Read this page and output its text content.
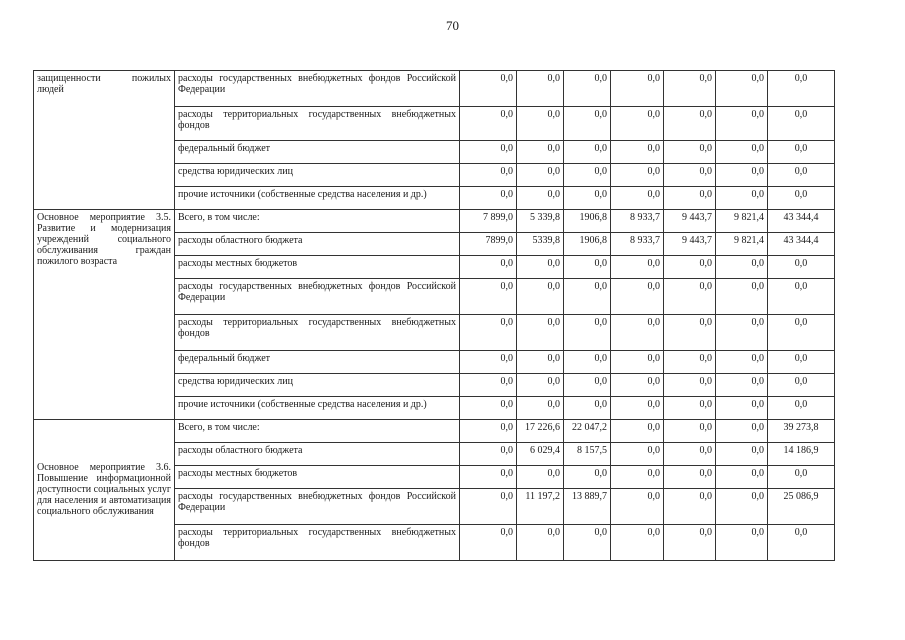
70
защищенности пожилых людей	расходы государственных внебюджетных фондов Российской Федерации	0,0	0,0	0,0	0,0	0,0	0,0	0,0
	расходы территориальных государственных внебюджетных фондов	0,0	0,0	0,0	0,0	0,0	0,0	0,0
	федеральный бюджет	0,0	0,0	0,0	0,0	0,0	0,0	0,0
	средства юридических лиц	0,0	0,0	0,0	0,0	0,0	0,0	0,0
	прочие источники (собственные средства населения и др.)	0,0	0,0	0,0	0,0	0,0	0,0	0,0
Основное мероприятие 3.5. Развитие и модернизация учреждений социального обслуживания граждан пожилого возраста	Всего, в том числе:	7 899,0	5 339,8	1906,8	8 933,7	9 443,7	9 821,4	43 344,4
	расходы областного бюджета	7899,0	5339,8	1906,8	8 933,7	9 443,7	9 821,4	43 344,4
	расходы местных бюджетов	0,0	0,0	0,0	0,0	0,0	0,0	0,0
	расходы государственных внебюджетных фондов Российской Федерации	0,0	0,0	0,0	0,0	0,0	0,0	0,0
	расходы территориальных государственных внебюджетных фондов	0,0	0,0	0,0	0,0	0,0	0,0	0,0
	федеральный бюджет	0,0	0,0	0,0	0,0	0,0	0,0	0,0
	средства юридических лиц	0,0	0,0	0,0	0,0	0,0	0,0	0,0
	прочие источники (собственные средства населения и др.)	0,0	0,0	0,0	0,0	0,0	0,0	0,0
Основное мероприятие 3.6. Повышение информационной доступности социальных услуг для населения и автоматизация социального обслуживания	Всего, в том числе:	0,0	17 226,6	22 047,2	0,0	0,0	0,0	39 273,8
	расходы областного бюджета	0,0	6 029,4	8 157,5	0,0	0,0	0,0	14 186,9
	расходы местных бюджетов	0,0	0,0	0,0	0,0	0,0	0,0	0,0
	расходы государственных внебюджетных фондов Российской Федерации	0,0	11 197,2	13 889,7	0,0	0,0	0,0	25 086,9
	расходы территориальных государственных внебюджетных фондов	0,0	0,0	0,0	0,0	0,0	0,0	0,0
